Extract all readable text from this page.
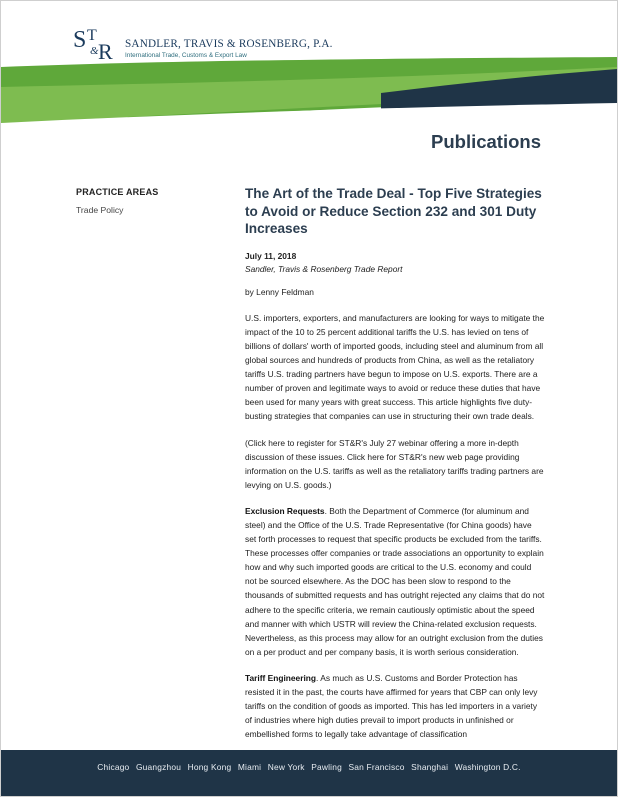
S T
R
&
SANDLER, TRAVIS & ROSENBERG, P.A.
International Trade, Customs & Export Law
Publications
PRACTICE AREAS
Trade Policy
The Art of the Trade Deal - Top Five Strategies to Avoid or Reduce Section 232 and 301 Duty Increases
July 11, 2018
Sandler, Travis & Rosenberg Trade Report
by Lenny Feldman

U.S. importers, exporters, and manufacturers are looking for ways to mitigate the impact of the 10 to 25 percent additional tariffs the U.S. has levied on tens of billions of dollars' worth of imported goods, including steel and aluminum from all global sources and hundreds of products from China, as well as the retaliatory tariffs U.S. trading partners have begun to impose on U.S. exports. There are a number of proven and legitimate ways to avoid or reduce these duties that have been used for many years with great success. This article highlights five duty-busting strategies that companies can use in structuring their own trade deals.

(Click here to register for ST&R's July 27 webinar offering a more in-depth discussion of these issues. Click here for ST&R's new web page providing information on the U.S. tariffs as well as the retaliatory tariffs trading partners are levying on U.S. goods.)

Exclusion Requests. Both the Department of Commerce (for aluminum and steel) and the Office of the U.S. Trade Representative (for China goods) have set forth processes to request that specific products be excluded from the tariffs. These processes offer companies or trade associations an opportunity to explain how and why such imported goods are critical to the U.S. economy and could not be sourced elsewhere. As the DOC has been slow to respond to the thousands of submitted requests and has outright rejected any claims that do not adhere to the specific criteria, we remain cautiously optimistic about the speed and manner with which USTR will review the China-related exclusion requests. Nevertheless, as this process may allow for an outright exclusion from the duties on a per product and per company basis, it is worth serious consideration.

Tariff Engineering. As much as U.S. Customs and Border Protection has resisted it in the past, the courts have affirmed for years that CBP can only levy tariffs on the condition of goods as imported. This has led importers in a variety of industries where high duties prevail to import products in unfinished or embellished forms to legally take advantage of classification

Chicago Guangzhou Hong Kong Miami New York Pawling San Francisco Shanghai Washington D.C.
